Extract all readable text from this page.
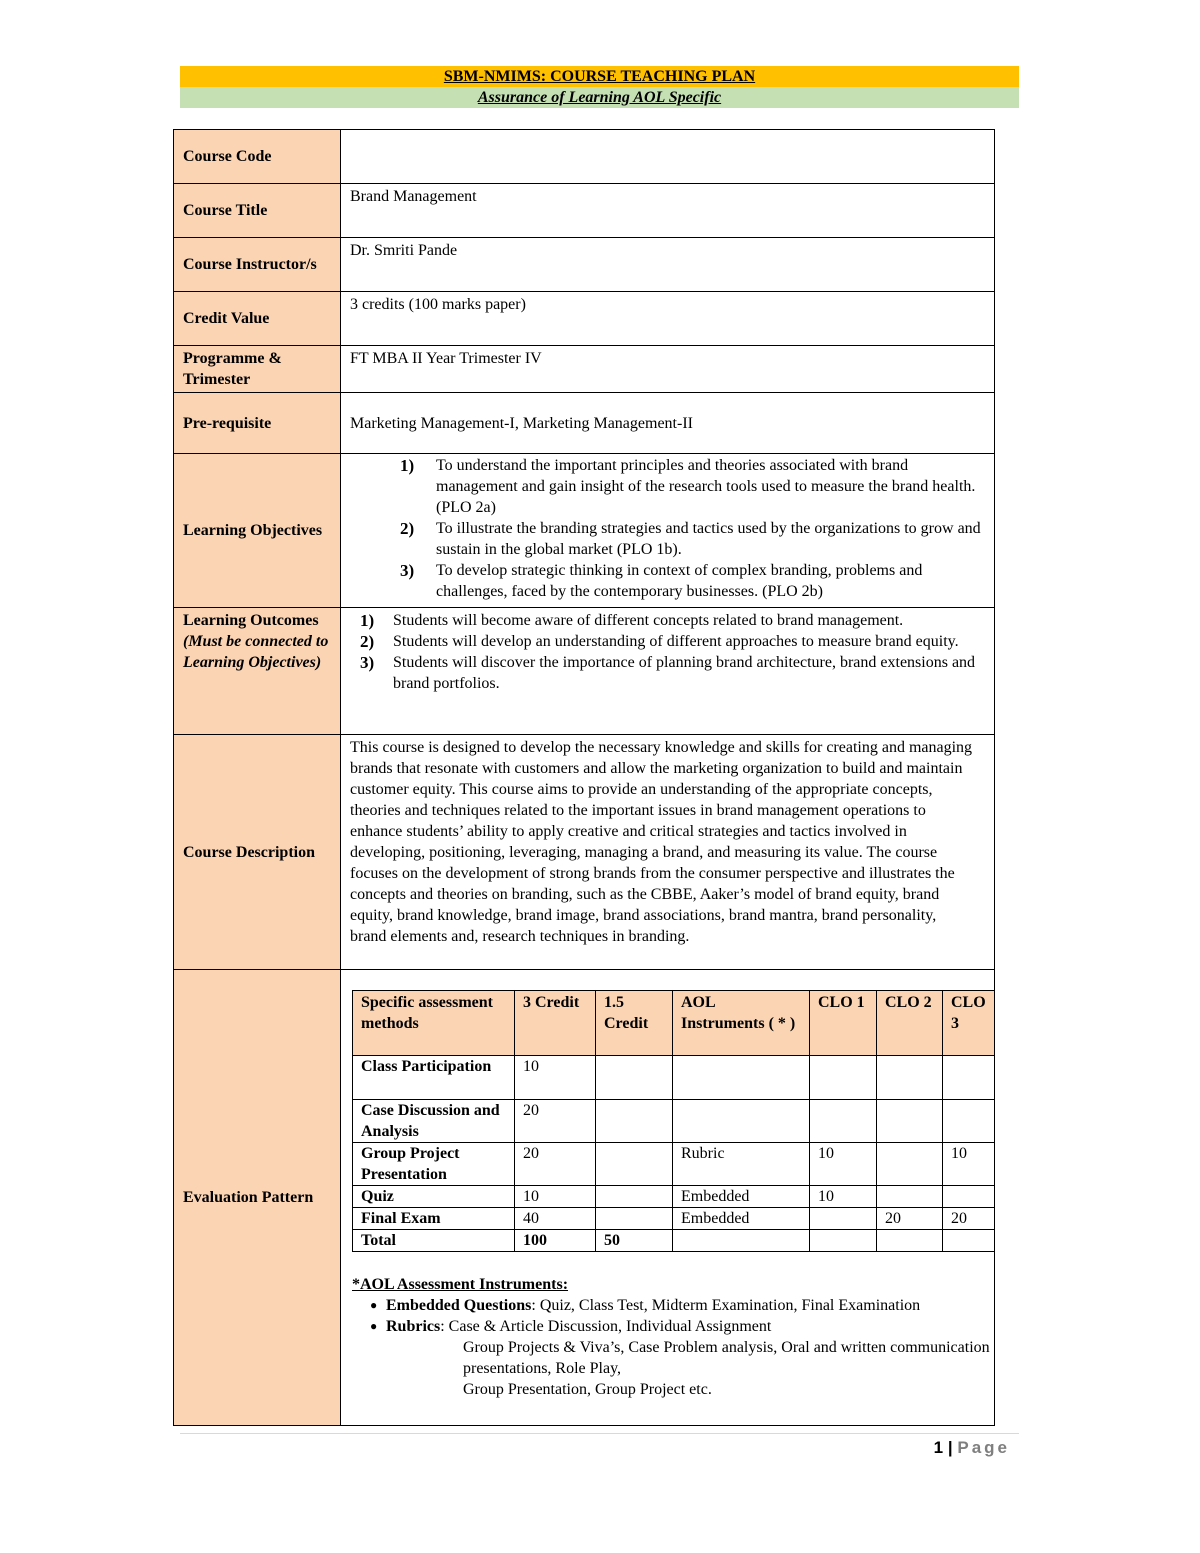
SBM-NMIMS: COURSE TEACHING PLAN
Assurance of Learning AOL Specific
Course Code	
Course Title	Brand Management
Course Instructor/s	Dr. Smriti Pande
Credit Value	3 credits (100 marks paper)
Programme & Trimester	FT MBA II Year Trimester IV
Pre-requisite	Marketing Management-I, Marketing Management-II
Learning Objectives	
1) To understand the important principles and theories associated with brand management and gain insight of the research tools used to measure the brand health. (PLO 2a)
2) To illustrate the branding strategies and tactics used by the organizations to grow and sustain in the global market (PLO 1b).
3) To develop strategic thinking in context of complex branding, problems and challenges, faced by the contemporary businesses. (PLO 2b)

Learning Outcomes
(Must be connected to Learning Objectives)

1) Students will become aware of different concepts related to brand management.
2) Students will develop an understanding of different approaches to measure brand equity.
3) Students will discover the importance of planning brand architecture, brand extensions and brand portfolios.

Course Description	This course is designed to develop the necessary knowledge and skills for creating and managing brands that resonate with customers and allow the marketing organization to build and maintain customer equity. This course aims to provide an understanding of the appropriate concepts, theories and techniques related to the important issues in brand management operations to enhance students’ ability to apply creative and critical strategies and tactics involved in developing, positioning, leveraging, managing a brand, and measuring its value. The course focuses on the development of strong brands from the consumer perspective and illustrates the concepts and theories on branding, such as the CBBE, Aaker’s model of brand equity, brand equity, brand knowledge, brand image, brand associations, brand mantra, brand personality, brand elements and, research techniques in branding.
Evaluation Pattern	
Specific assessment methods	3 Credit	1.5 Credit	AOL Instruments ( * )	CLO 1	CLO 2	CLO 3
Class Participation	10					
Case Discussion and Analysis	20					
Group Project Presentation	20		Rubric	10		10
Quiz	10		Embedded	10		
Final Exam	40		Embedded		20	20
Total	100	50				
*AOL Assessment Instruments:
● Embedded Questions: Quiz, Class Test, Midterm Examination, Final Examination
● Rubrics: Case & Article Discussion, Individual Assignment
Group Projects & Viva’s, Case Problem analysis, Oral and written communication presentations, Role Play,
Group Presentation, Group Project etc.
1 | Page
